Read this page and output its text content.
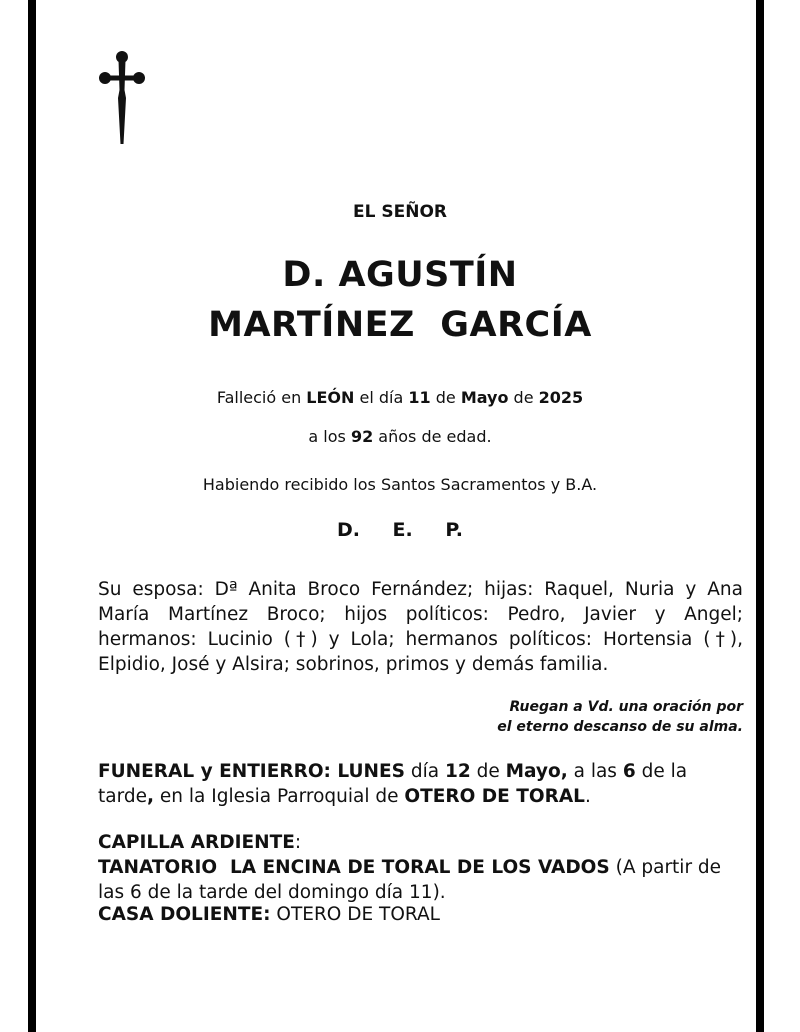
EL SEÑOR
D. AGUSTÍN
MARTÍNEZ  GARCÍA
Falleció en LEÓN el día 11 de Mayo de 2025
a los 92 años de edad.
Habiendo recibido los Santos Sacramentos y B.A.
D. E. P.
Su esposa: Dª Anita Broco Fernández; hijas: Raquel, Nuria y Ana María Martínez Broco; hijos políticos: Pedro, Javier y Angel; hermanos: Lucinio (†) y Lola; hermanos políticos: Hortensia (†), Elpidio, José y Alsira; sobrinos, primos y demás familia.
Ruegan a Vd. una oración por
el eterno descanso de su alma.
FUNERAL y ENTIERRO: LUNES día 12 de Mayo, a las 6 de la tarde, en la Iglesia Parroquial de OTERO DE TORAL.
CAPILLA ARDIENTE: TANATORIO  LA ENCINA DE TORAL DE LOS VADOS (A partir de las 6 de la tarde del domingo día 11).
CASA DOLIENTE: OTERO DE TORAL
